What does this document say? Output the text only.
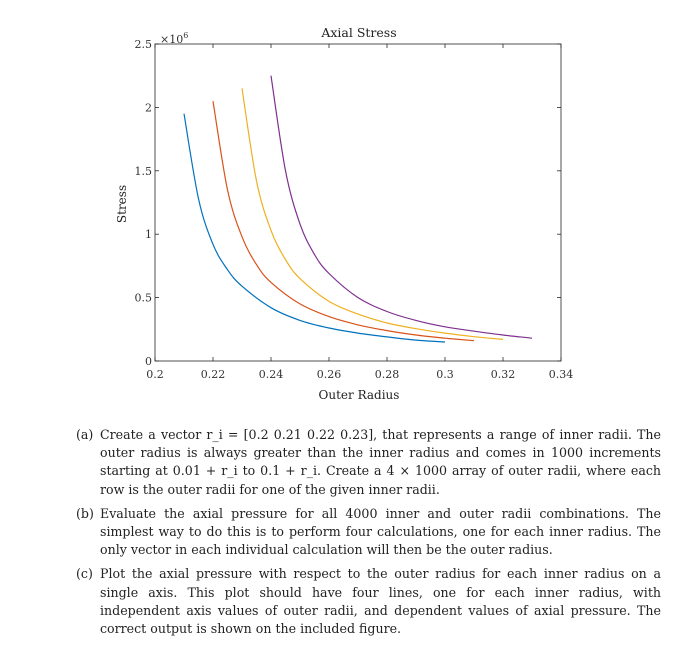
Axial Stress
$\times 10^6$
0.2	0.22	0.24	0.26	0.28	0.3	0.32	0.34
0
0.5
1
1.5
2
2.5
Outer Radius
Stress
(a) Create a vector r_i = [0.2 0.21 0.22 0.23], that represents a range of inner radii. The outer radius is always greater than the inner radius and comes in 1000 increments starting at 0.01 + r_i to 0.1 + r_i. Create a 4 × 1000 array of outer radii, where each row is the outer radii for one of the given inner radii.
(b) Evaluate the axial pressure for all 4000 inner and outer radii combinations. The simplest way to do this is to perform four calculations, one for each inner radius. The only vector in each individual calculation will then be the outer radius.
(c) Plot the axial pressure with respect to the outer radius for each inner radius on a single axis. This plot should have four lines, one for each inner radius, with independent axis values of outer radii, and dependent values of axial pressure. The correct output is shown on the included figure.
